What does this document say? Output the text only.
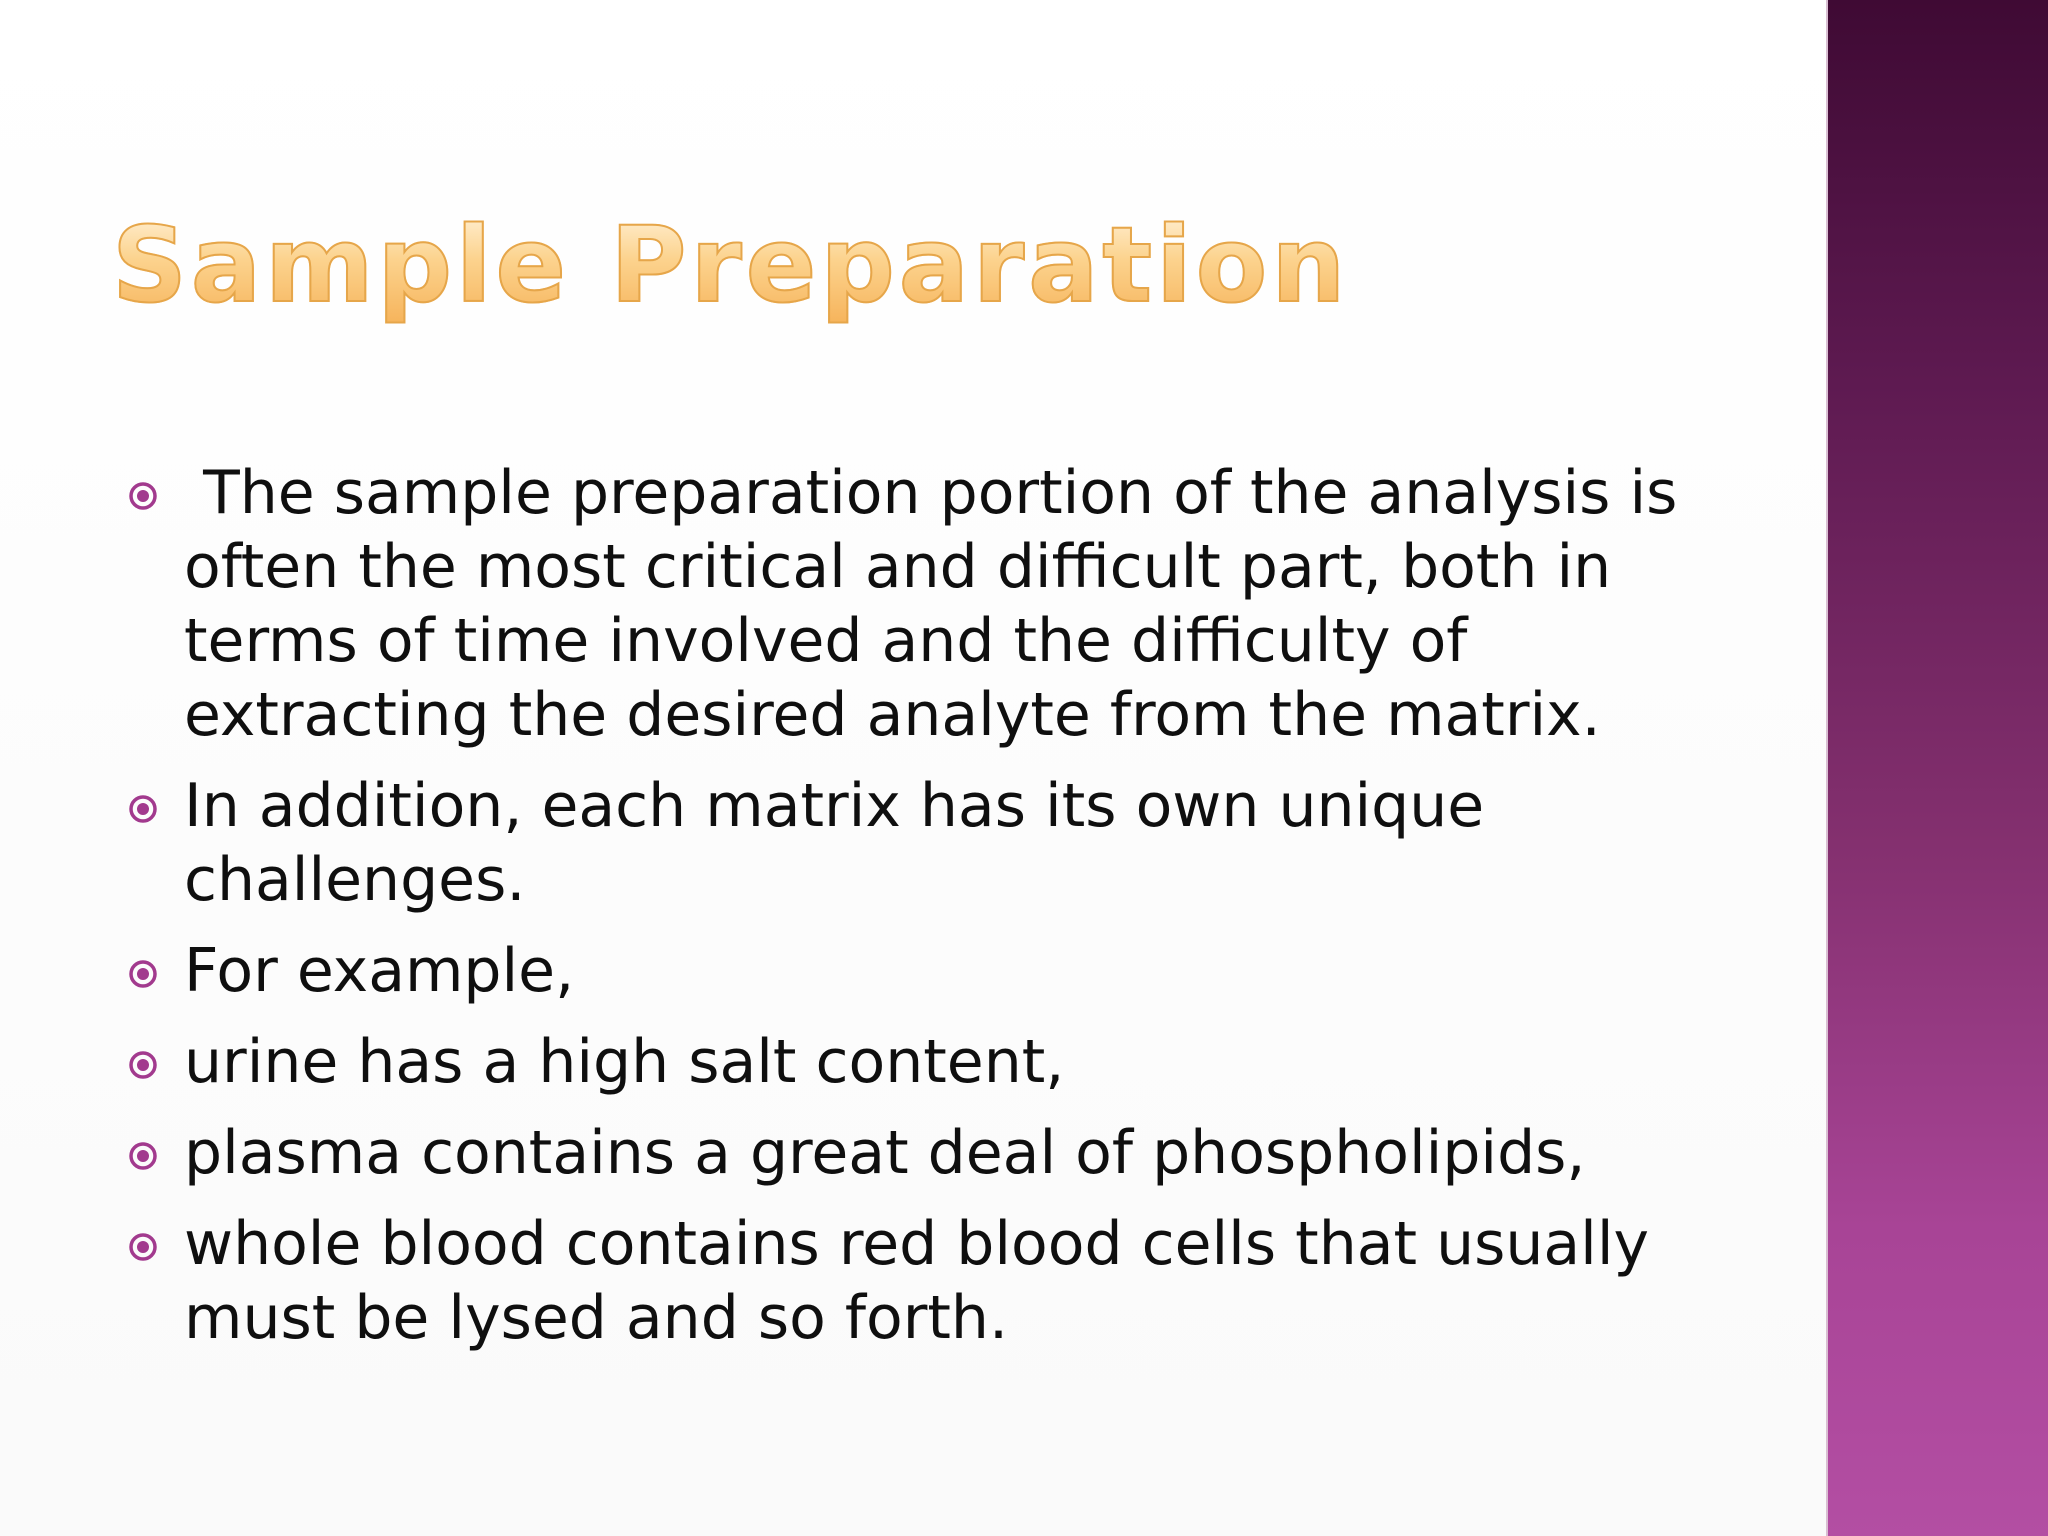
Sample Preparation
The sample preparation portion of the analysis is often the most critical and difficult part, both in terms of time involved and the difficulty of extracting the desired analyte from the matrix.
In addition, each matrix has its own unique challenges.
For example,
urine has a high salt content,
plasma contains a great deal of phospholipids,
whole blood contains red blood cells that usually must be lysed and so forth.
